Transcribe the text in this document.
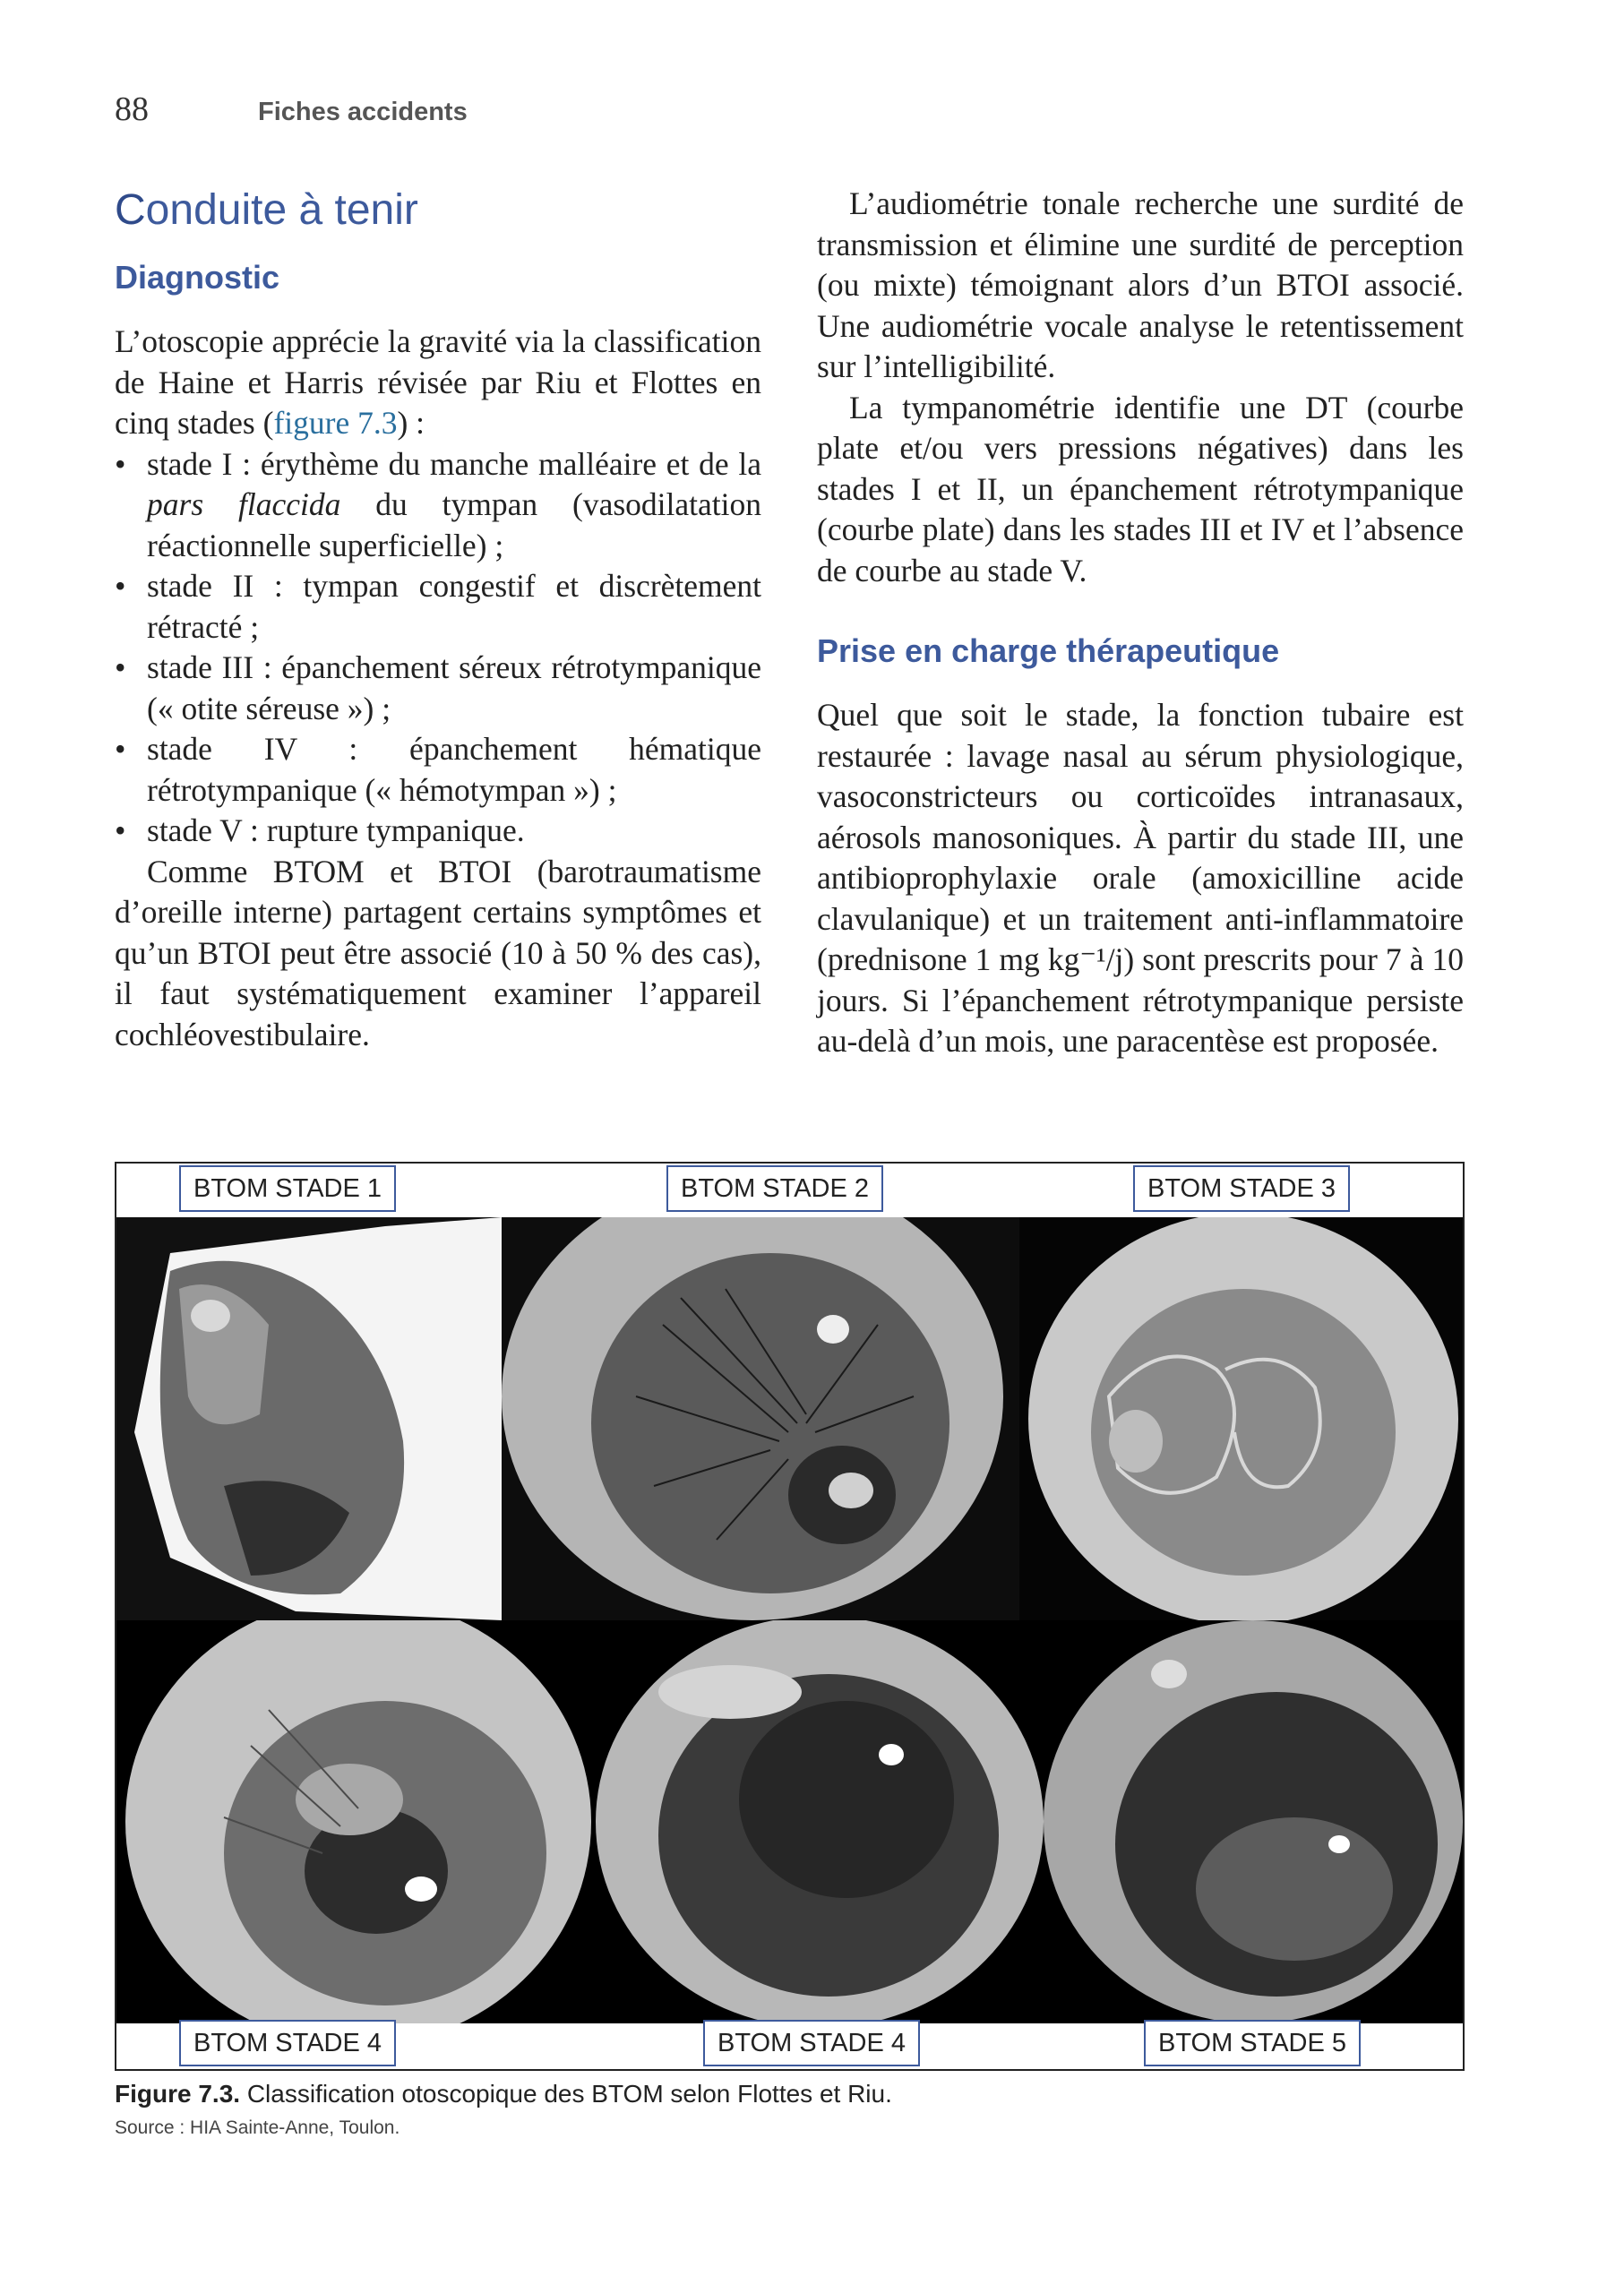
88	Fiches accidents
Conduite à tenir
Diagnostic

L’otoscopie apprécie la gravité via la classification de Haine et Harris révisée par Riu et Flottes en cinq stades (figure 7.3) :

• stade I : érythème du manche malléaire et de la pars flaccida du tympan (vasodilatation réactionnelle superficielle) ;
• stade II : tympan congestif et discrètement rétracté ;
• stade III : épanchement séreux rétrotympanique (« otite séreuse ») ;
• stade IV : épanchement hématique rétrotympanique (« hémotympan ») ;
• stade V : rupture tympanique.

Comme BTOM et BTOI (barotraumatisme d’oreille interne) partagent certains symptômes et qu’un BTOI peut être associé (10 à 50 % des cas), il faut systématiquement examiner l’appareil cochléovestibulaire.

L’audiométrie tonale recherche une surdité de transmission et élimine une surdité de perception (ou mixte) témoignant alors d’un BTOI associé. Une audiométrie vocale analyse le retentissement sur l’intelligibilité.

La tympanométrie identifie une DT (courbe plate et/ou vers pressions négatives) dans les stades I et II, un épanchement rétrotympanique (courbe plate) dans les stades III et IV et l’absence de courbe au stade V.

Prise en charge thérapeutique

Quel que soit le stade, la fonction tubaire est restaurée : lavage nasal au sérum physiologique, vasoconstricteurs ou corticoïdes intranasaux, aérosols manosoniques. À partir du stade III, une antibioprophylaxie orale (amoxicilline acide clavulanique) et un traitement anti-inflammatoire (prednisone 1 mg kg⁻¹/j) sont prescrits pour 7 à 10 jours. Si l’épanchement rétrotympanique persiste au-delà d’un mois, une paracentèse est proposée.

BTOM STADE 1	BTOM STADE 2	BTOM STADE 3
BTOM STADE 4	BTOM STADE 4	BTOM STADE 5
Figure 7.3. Classification otoscopique des BTOM selon Flottes et Riu.
Source : HIA Sainte-Anne, Toulon.
